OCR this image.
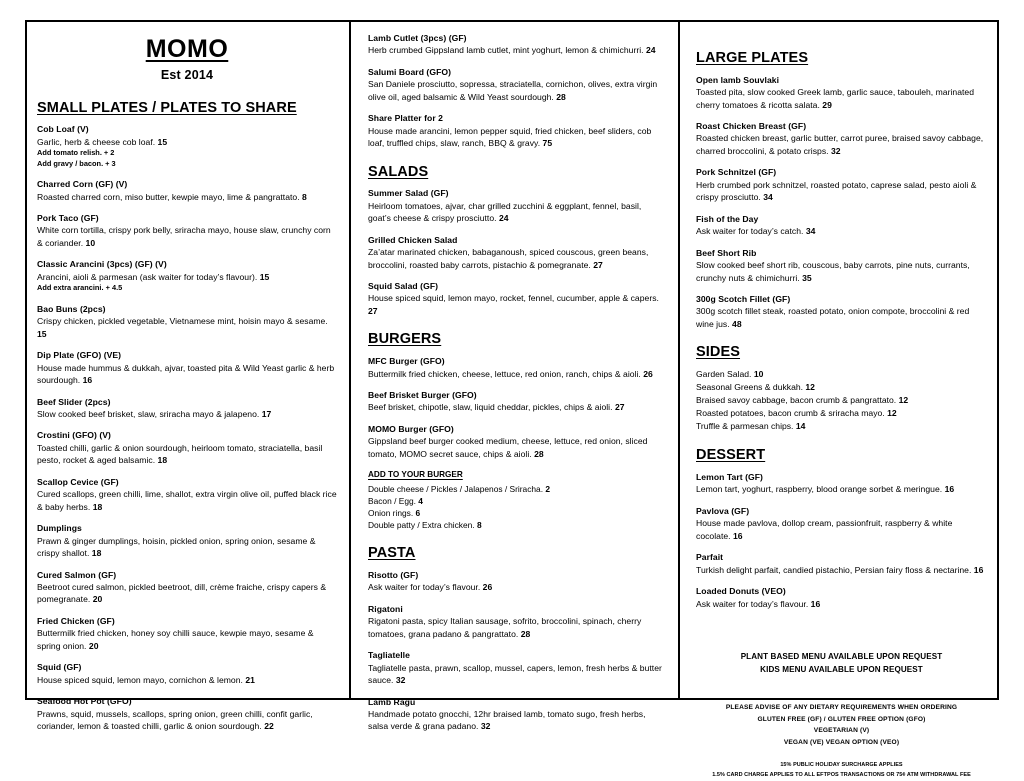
MOMO
Est 2014
SMALL PLATES / PLATES TO SHARE
Cob Loaf (V)
Garlic, herb & cheese cob loaf. 15
Add tomato relish. + 2
Add gravy / bacon. + 3
Charred Corn (GF) (V)
Roasted charred corn, miso butter, kewpie mayo, lime & pangrattato. 8
Pork Taco (GF)
White corn tortilla, crispy pork belly, sriracha mayo, house slaw, crunchy corn & coriander. 10
Classic Arancini (3pcs) (GF) (V)
Arancini, aioli & parmesan (ask waiter for today’s flavour). 15
Add extra arancini. + 4.5
Bao Buns (2pcs)
Crispy chicken, pickled vegetable, Vietnamese mint, hoisin mayo & sesame. 15
Dip Plate (GFO) (VE)
House made hummus & dukkah, ajvar, toasted pita & Wild Yeast garlic & herb sourdough. 16
Beef Slider (2pcs)
Slow cooked beef brisket, slaw, sriracha mayo & jalapeno. 17
Crostini (GFO) (V)
Toasted chilli, garlic & onion sourdough, heirloom tomato, straciatella, basil pesto, rocket & aged balsamic. 18
Scallop Cevice (GF)
Cured scallops, green chilli, lime, shallot, extra virgin olive oil, puffed black rice & baby herbs. 18
Dumplings
Prawn & ginger dumplings, hoisin, pickled onion, spring onion, sesame & crispy shallot. 18
Cured Salmon (GF)
Beetroot cured salmon, pickled beetroot, dill, crème fraiche, crispy capers & pomegranate. 20
Fried Chicken (GF)
Buttermilk fried chicken, honey soy chilli sauce, kewpie mayo, sesame & spring onion. 20
Squid (GF)
House spiced squid, lemon mayo, cornichon & lemon. 21
Seafood Hot Pot (GFO)
Prawns, squid, mussels, scallops, spring onion, green chilli, confit garlic, coriander, lemon & toasted chilli, garlic & onion sourdough. 22
Lamb Cutlet (3pcs) (GF)
Herb crumbed Gippsland lamb cutlet, mint yoghurt, lemon & chimichurri. 24
Salumi Board (GFO)
San Daniele prosciutto, sopressa, straciatella, cornichon, olives, extra virgin olive oil, aged balsamic & Wild Yeast sourdough. 28
Share Platter for 2
House made arancini, lemon pepper squid, fried chicken, beef sliders, cob loaf, truffled chips, slaw, ranch, BBQ & gravy. 75
SALADS
Summer Salad (GF)
Heirloom tomatoes, ajvar, char grilled zucchini & eggplant, fennel, basil, goat’s cheese & crispy prosciutto. 24
Grilled Chicken Salad
Za’atar marinated chicken, babaganoush, spiced couscous, green beans, broccolini, roasted baby carrots, pistachio & pomegranate. 27
Squid Salad (GF)
House spiced squid, lemon mayo, rocket, fennel, cucumber, apple & capers. 27
BURGERS
MFC Burger (GFO)
Buttermilk fried chicken, cheese, lettuce, red onion, ranch, chips & aioli. 26
Beef Brisket Burger (GFO)
Beef brisket, chipotle, slaw, liquid cheddar, pickles, chips & aioli. 27
MOMO Burger (GFO)
Gippsland beef burger cooked medium, cheese, lettuce, red onion, sliced tomato, MOMO secret sauce, chips & aioli. 28
ADD TO YOUR BURGER
Double cheese / Pickles / Jalapenos / Sriracha. 2
Bacon / Egg. 4
Onion rings. 6
Double patty / Extra chicken. 8
PASTA
Risotto (GF)
Ask waiter for today’s flavour. 26
Rigatoni
Rigatoni pasta, spicy Italian sausage, sofrito, broccolini, spinach, cherry tomatoes, grana padano & pangrattato. 28
Tagliatelle
Tagliatelle pasta, prawn, scallop, mussel, capers, lemon, fresh herbs & butter sauce. 32
Lamb Ragu
Handmade potato gnocchi, 12hr braised lamb, tomato sugo, fresh herbs, salsa verde & grana padano. 32
LARGE PLATES
Open lamb Souvlaki
Toasted pita, slow cooked Greek lamb, garlic sauce, tabouleh, marinated cherry tomatoes & ricotta salata. 29
Roast Chicken Breast (GF)
Roasted chicken breast, garlic butter, carrot puree, braised savoy cabbage, charred broccolini, & potato crisps. 32
Pork Schnitzel (GF)
Herb crumbed pork schnitzel, roasted potato, caprese salad, pesto aioli & crispy prosciutto. 34
Fish of the Day
Ask waiter for today’s catch. 34
Beef Short Rib
Slow cooked beef short rib, couscous, baby carrots, pine nuts, currants, crunchy nuts & chimichurri. 35
300g Scotch Fillet (GF)
300g scotch fillet steak, roasted potato, onion compote, broccolini & red wine jus. 48
SIDES
Garden Salad. 10
Seasonal Greens & dukkah. 12
Braised savoy cabbage, bacon crumb & pangrattato. 12
Roasted potatoes, bacon crumb & sriracha mayo. 12
Truffle & parmesan chips. 14
DESSERT
Lemon Tart (GF)
Lemon tart, yoghurt, raspberry, blood orange sorbet & meringue. 16
Pavlova (GF)
House made pavlova, dollop cream, passionfruit, raspberry & white cocolate. 16
Parfait
Turkish delight parfait, candied pistachio, Persian fairy floss & nectarine. 16
Loaded Donuts (VEO)
Ask waiter for today’s flavour. 16
PLANT BASED MENU AVAILABLE UPON REQUEST
KIDS MENU AVAILABLE UPON REQUEST
PLEASE ADVISE OF ANY DIETARY REQUIREMENTS WHEN ORDERING
GLUTEN FREE (GF) / GLUTEN FREE OPTION (GFO)
VEGETARIAN (V)
VEGAN (VE) VEGAN OPTION (VEO)
15% PUBLIC HOLIDAY SURCHARGE APPLIES
1.5% CARD CHARGE APPLIES TO ALL EFTPOS TRANSACTIONS OR 75¢ ATM WITHDRAWAL FEE
